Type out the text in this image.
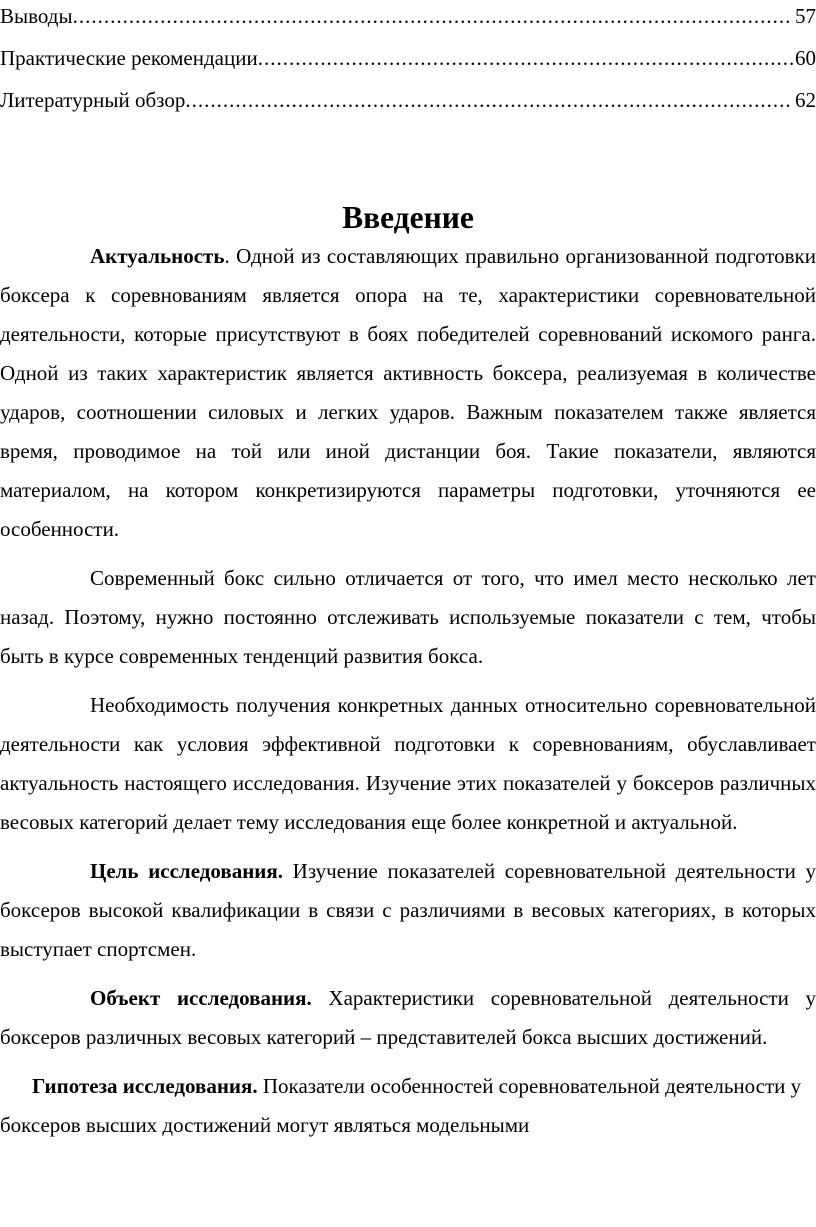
Выводы .....	57
Практические рекомендации .....	60
Литературный обзор .....	62
Введение

Актуальность. Одной из составляющих правильно организованной подготовки боксера к соревнованиям является опора на те, характеристики соревновательной деятельности, которые присутствуют в боях победителей соревнований искомого ранга. Одной из таких характеристик является активность боксера, реализуемая в количестве ударов, соотношении силовых и легких ударов. Важным показателем также является время, проводимое на той или иной дистанции боя. Такие показатели, являются материалом, на котором конкретизируются параметры подготовки, уточняются ее особенности.

Современный бокс сильно отличается от того, что имел место несколько лет назад. Поэтому, нужно постоянно отслеживать используемые показатели с тем, чтобы быть в курсе современных тенденций развития бокса.

Необходимость получения конкретных данных относительно соревновательной деятельности как условия эффективной подготовки к соревнованиям, обуславливает актуальность настоящего исследования. Изучение этих показателей у боксеров различных весовых категорий делает тему исследования еще более конкретной и актуальной.

Цель исследования. Изучение показателей соревновательной деятельности у боксеров высокой квалификации в связи с различиями в весовых категориях, в которых выступает спортсмен.

Объект исследования. Характеристики соревновательной деятельности у боксеров различных весовых категорий – представителей бокса высших достижений.

Гипотеза исследования. Показатели особенностей соревновательной деятельности у боксеров высших достижений могут являться модельными
